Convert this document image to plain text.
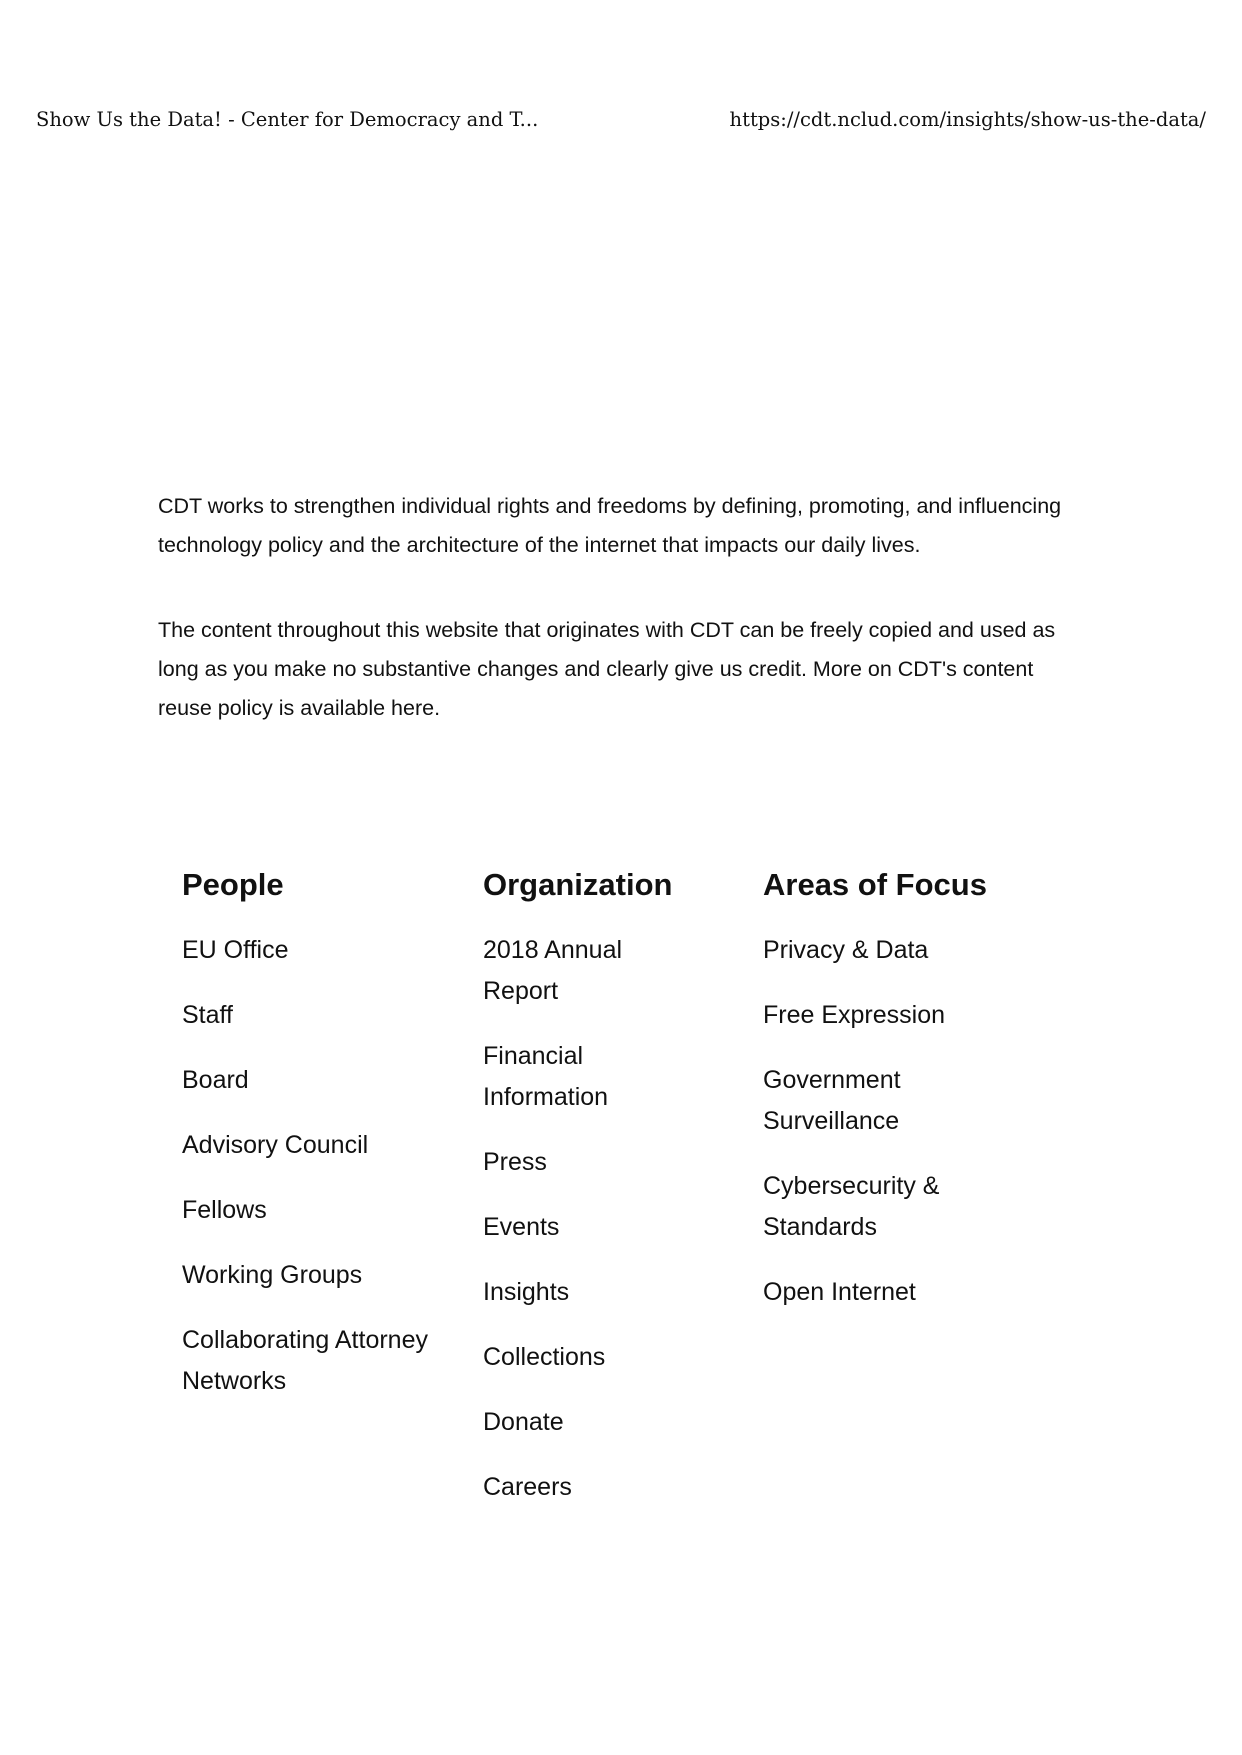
Show Us the Data! - Center for Democracy and T...	https://cdt.nclud.com/insights/show-us-the-data/

CDT works to strengthen individual rights and freedoms by defining, promoting, and influencing technology policy and the architecture of the internet that impacts our daily lives.

The content throughout this website that originates with CDT can be freely copied and used as long as you make no substantive changes and clearly give us credit. More on CDT's content reuse policy is available here.

People
EU Office
Staff
Board
Advisory Council
Fellows
Working Groups
Collaborating Attorney Networks
Organization
2018 Annual Report
Financial Information
Press
Events
Insights
Collections
Donate
Careers
Areas of Focus
Privacy & Data
Free Expression
Government Surveillance
Cybersecurity & Standards
Open Internet
